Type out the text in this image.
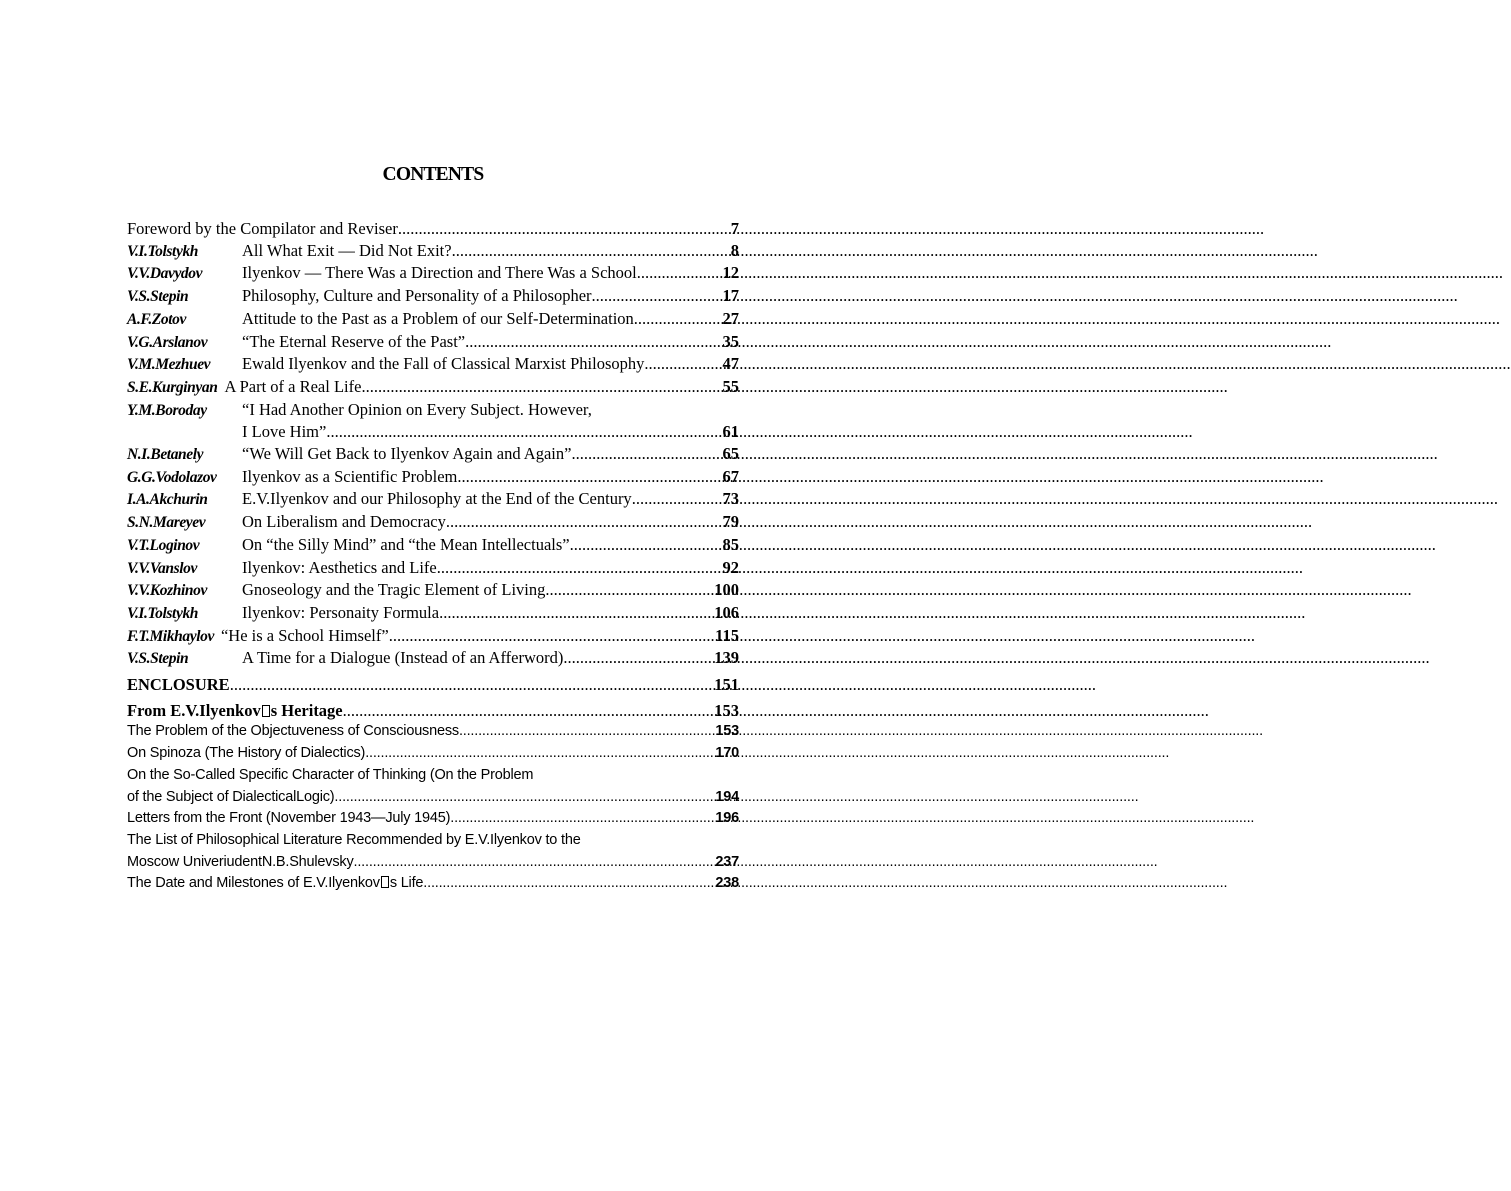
CONTENTS
Foreword by the Compilator and Reviser .....	7
V.I.Tolstykh	All What Exit — Did Not Exit? .....	8
V.V.Davydov	Ilyenkov — There Was a Direction and There Was a School .....	12
V.S.Stepin	Philosophy, Culture and Personality of a Philosopher .....	17
A.F.Zotov	Attitude to the Past as a Problem of our Self-Determination .....	27
V.G.Arslanov	“The Eternal Reserve of the Past” .....	35
V.M.Mezhuev	Ewald Ilyenkov and the Fall of Classical Marxist Philosophy .....	47
S.E.Kurginyan A Part of a Real Life .....	55
Y.M.Boroday	“I Had Another Opinion on Every Subject. However,
I Love Him” .....	61
N.I.Betanely	“We Will Get Back to Ilyenkov Again and Again” .....	65
G.G.Vodolazov	Ilyenkov as a Scientific Problem .....	67
I.A.Akchurin	E.V.Ilyenkov and our Philosophy at the End of the Century .....	73
S.N.Mareyev	On Liberalism and Democracy .....	79
V.T.Loginov	On “the Silly Mind” and “the Mean Intellectuals” .....	85
V.V.Vanslov	Ilyenkov: Aesthetics and Life .....	92
V.V.Kozhinov	Gnoseology and the Tragic Element of Living .....	100
V.I.Tolstykh	Ilyenkov: Personaity Formula .....	106
F.T.Mikhaylov “He is a School Himself” .....	115
V.S.Stepin	A Time for a Dialogue (Instead of an Afferword) .....	139
ENCLOSURE .....	151
From E.V.Ilyenkov s Heritage .....	153
The Problem of the Objectuveness of Consciousness .....	153
On Spinoza (The History of Dialectics) .....	170
On the So-Called Specific Character of Thinking (On the Problem
of the Subject of DialecticalLogic) .....	194
Letters from the Front (November 1943—July 1945) .....	196
The List of Philosophical Literature Recommended by E.V.Ilyenkov to the
Moscow UniveriudentN.B.Shulevsky .....	237
The Date and Milestones of E.V.Ilyenkov s Life .....	238
